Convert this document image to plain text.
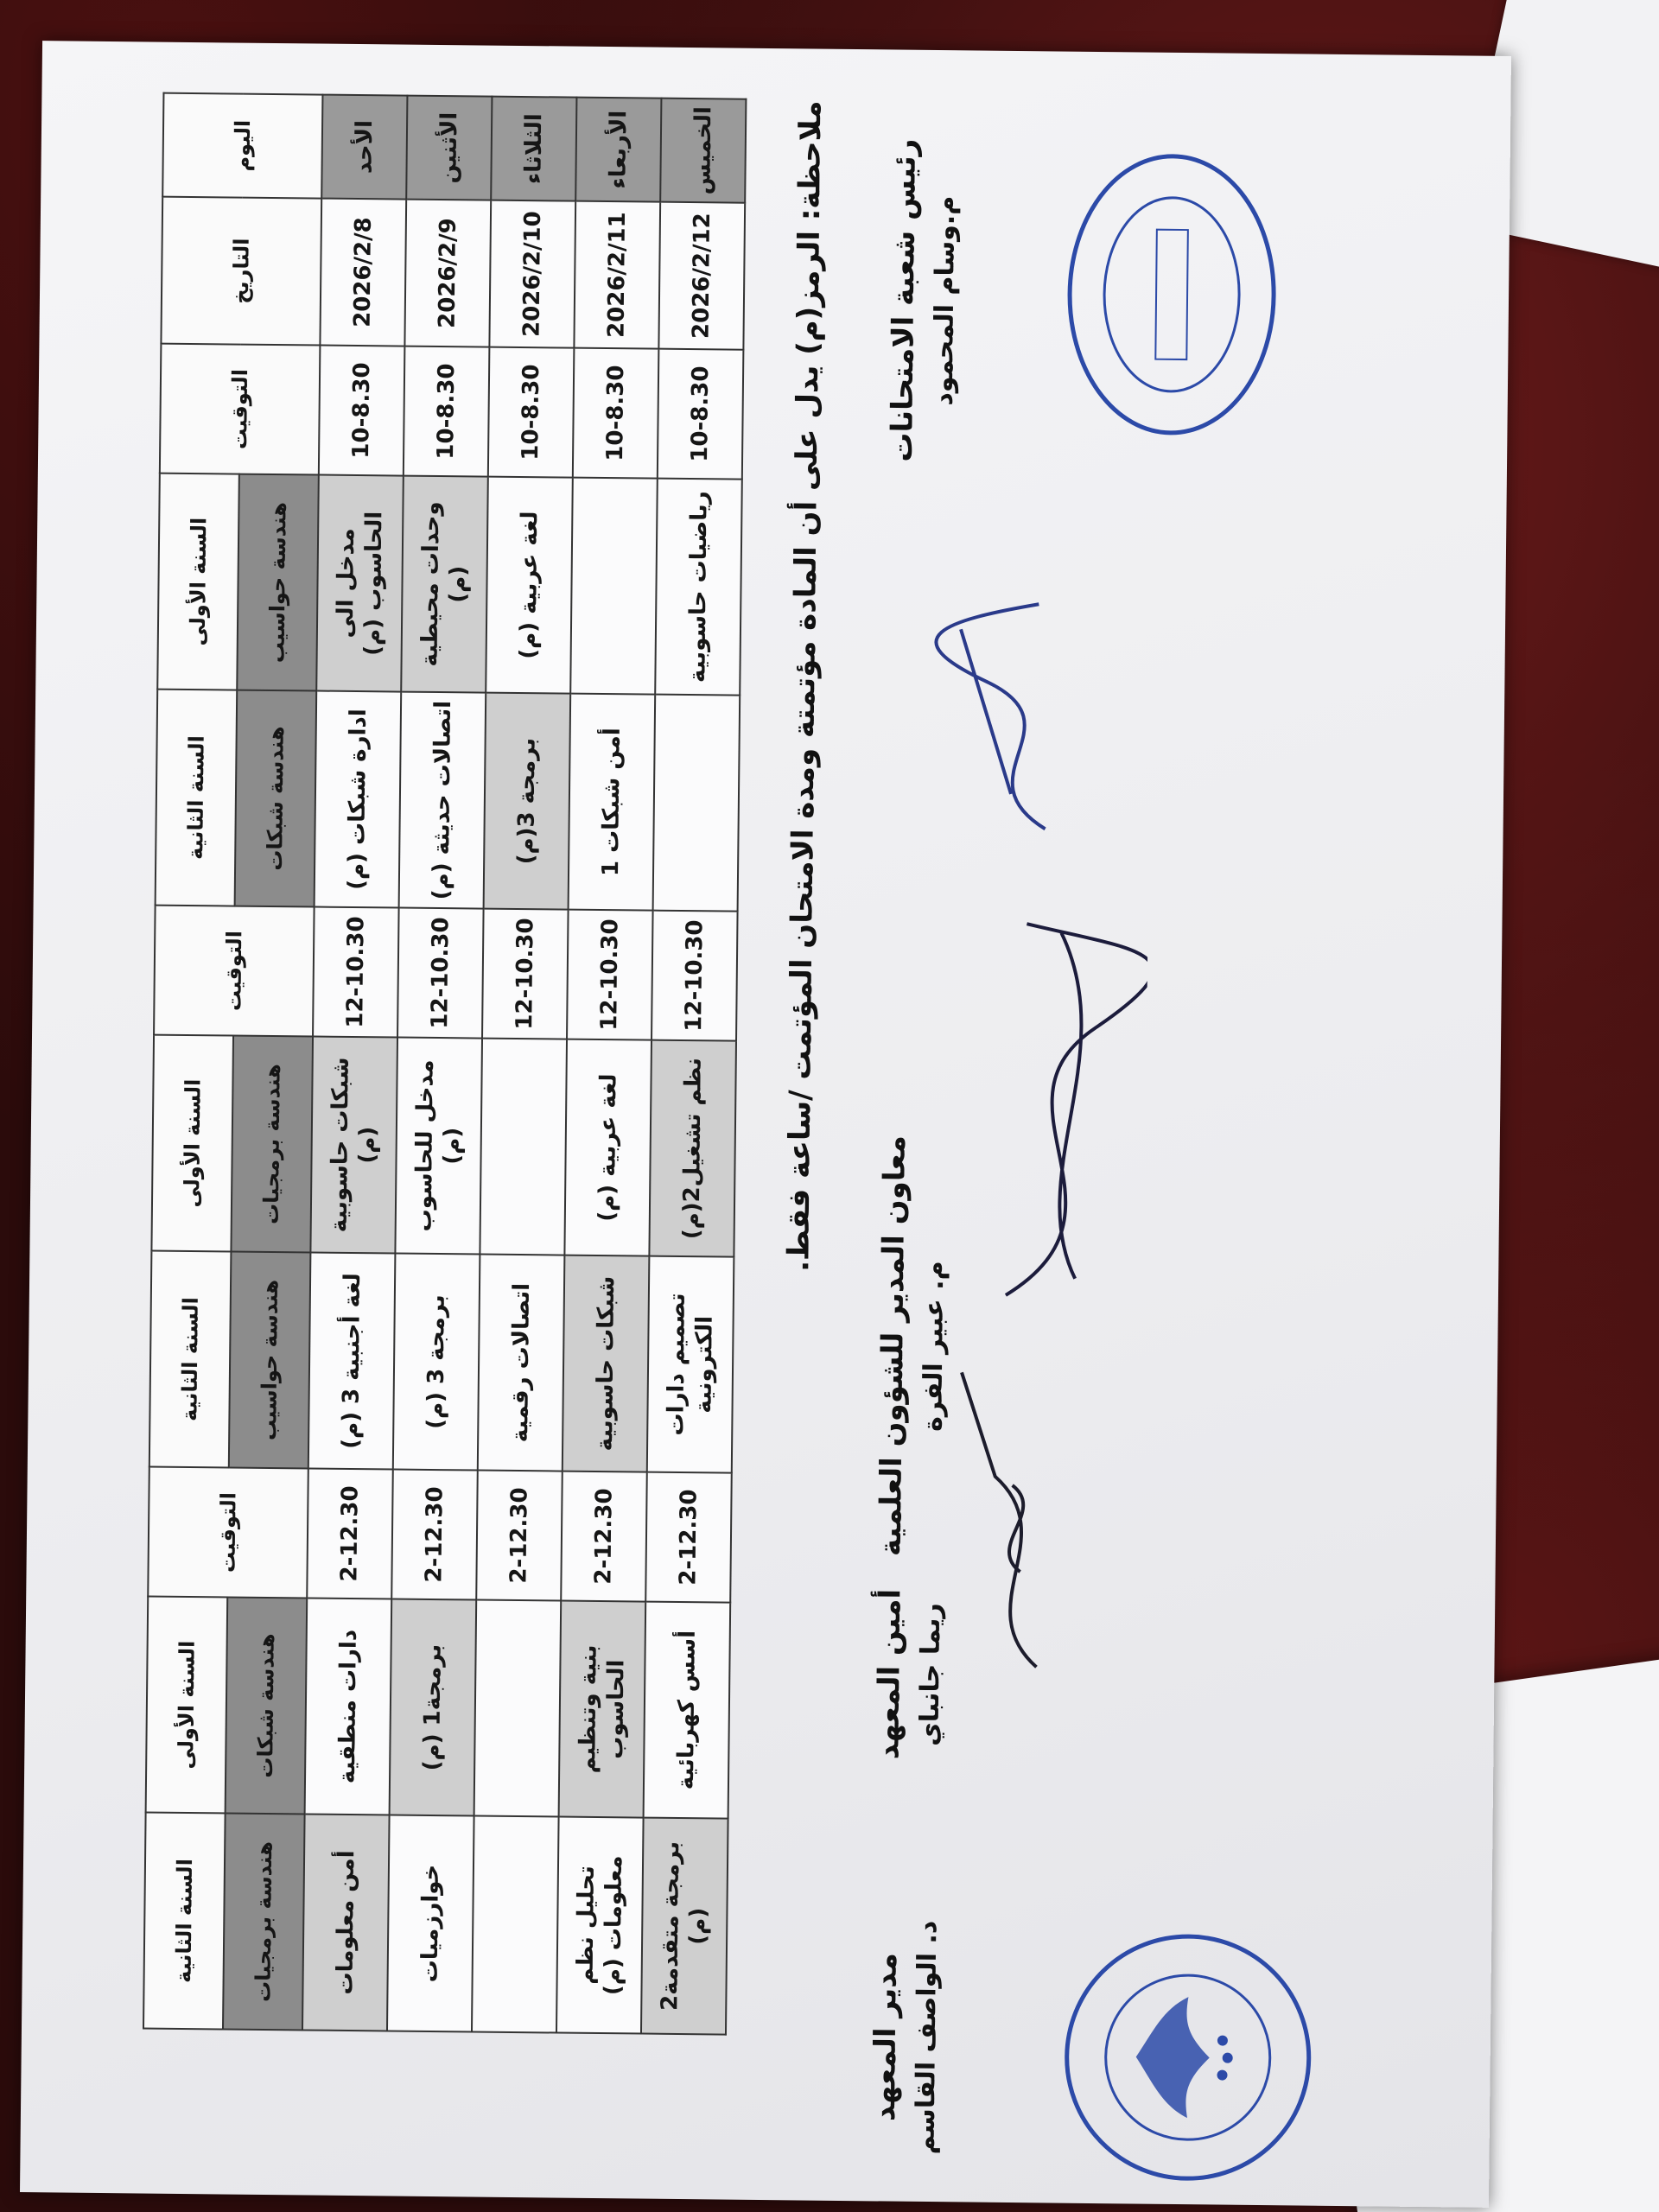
اليوم	التاريخ	التوقيت	السنة الأولى	السنة الثانية	التوقيت	السنة الأولى	السنة الثانية	التوقيت	السنة الأولى	السنة الثانية
			هندسة حواسيب	هندسة شبكات		هندسة برمجيات	هندسة حواسيب		هندسة شبكات	هندسة برمجيات
الأحد	2026/2/8	10-8.30	مدخل الى الحاسوب (م)	ادارة شبكات (م)	12-10.30	شبكات حاسوبية (م)	لغة أجنبية 3 (م)	2-12.30	دارات منطقية	أمن معلومات
الأثنين	2026/2/9	10-8.30	وحدات محيطية (م)	اتصالات حديثة (م)	12-10.30	مدخل للحاسوب (م)	برمجة 3 (م)	2-12.30	برمجة1 (م)	خوارزميات
الثلاثاء	2026/2/10	10-8.30	لغة عربية (م)	برمجة 3(م)	12-10.30		اتصالات رقمية	2-12.30		
الأربعاء	2026/2/11	10-8.30		أمن شبكات 1	12-10.30	لغة عربية (م)	شبكات حاسوبية	2-12.30	بنية وتنظيم الحاسوب	تحليل نظم معلومات (م)
الخميس	2026/2/12	10-8.30	رياضيات حاسوبية		12-10.30	نظم تشغيل2(م)	تصميم دارات الكترونية	2-12.30	أسس كهربائية	برمجة متقدمة2 (م)
ملاحظة: الرمز(م) يدل على أن المادة مؤتمتة ومدة الامتحان المؤتمت /ساعة فقط. رئيس شعبة الامتحانات م.وسام المحمود
معاون المدير للشؤون العلمية م. عبير الفرة
أمين المعهد ريما جانباي
مدير المعهد د. الواصف القاسم
